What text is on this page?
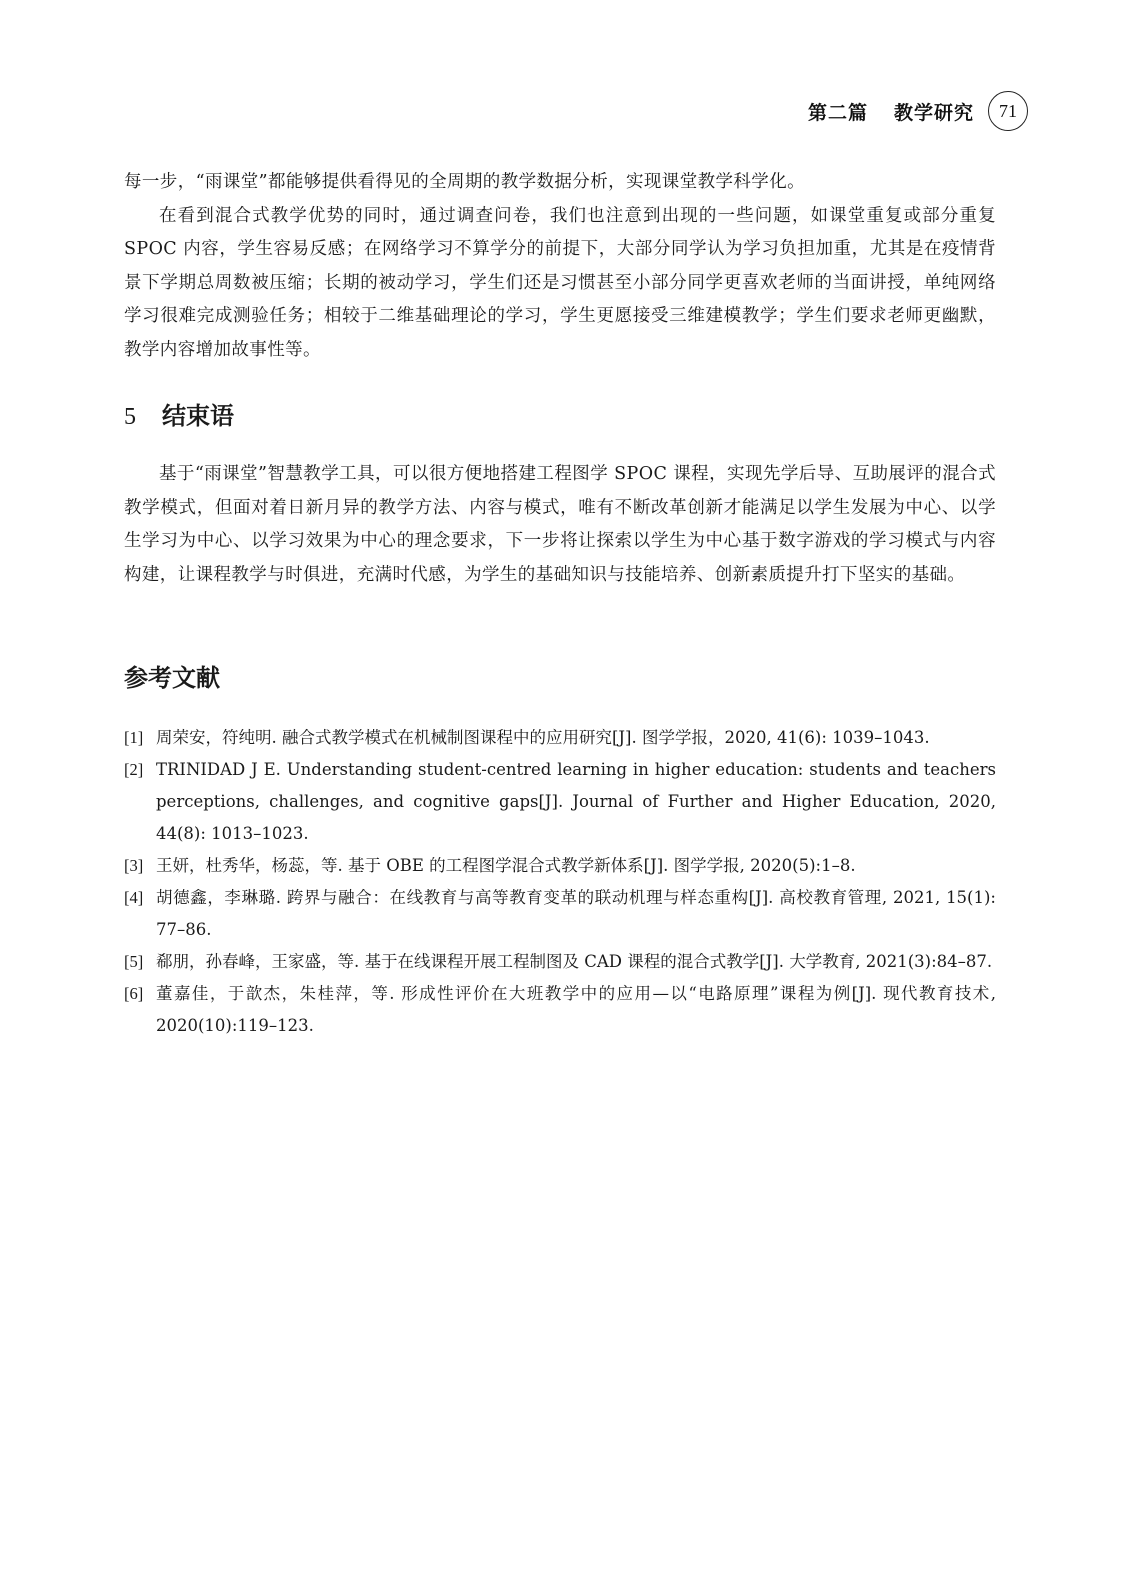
第二篇 教学研究	71

每一步，“雨课堂”都能够提供看得见的全周期的教学数据分析，实现课堂教学科学化。

在看到混合式教学优势的同时，通过调查问卷，我们也注意到出现的一些问题，如课堂重复或部分重复 SPOC 内容，学生容易反感；在网络学习不算学分的前提下，大部分同学认为学习负担加重，尤其是在疫情背景下学期总周数被压缩；长期的被动学习，学生们还是习惯甚至小部分同学更喜欢老师的当面讲授，单纯网络学习很难完成测验任务；相较于二维基础理论的学习，学生更愿接受三维建模教学；学生们要求老师更幽默，教学内容增加故事性等。

5 结束语

基于“雨课堂”智慧教学工具，可以很方便地搭建工程图学 SPOC 课程，实现先学后导、互助展评的混合式教学模式，但面对着日新月异的教学方法、内容与模式，唯有不断改革创新才能满足以学生发展为中心、以学生学习为中心、以学习效果为中心的理念要求，下一步将让探索以学生为中心基于数字游戏的学习模式与内容构建，让课程教学与时俱进，充满时代感，为学生的基础知识与技能培养、创新素质提升打下坚实的基础。

参考文献
[1] 周荣安，符纯明. 融合式教学模式在机械制图课程中的应用研究[J]. 图学学报，2020, 41(6): 1039–1043.
[2] TRINIDAD J E. Understanding student-centred learning in higher education: students and teachers perceptions, challenges, and cognitive gaps[J]. Journal of Further and Higher Education, 2020, 44(8): 1013–1023.
[3] 王妍，杜秀华，杨蕊，等. 基于 OBE 的工程图学混合式教学新体系[J]. 图学学报, 2020(5):1–8.
[4] 胡德鑫，李琳璐. 跨界与融合：在线教育与高等教育变革的联动机理与样态重构[J]. 高校教育管理, 2021, 15(1): 77–86.
[5] 郗朋，孙春峰，王家盛，等. 基于在线课程开展工程制图及 CAD 课程的混合式教学[J]. 大学教育, 2021(3):84–87.
[6] 董嘉佳，于歆杰，朱桂萍，等. 形成性评价在大班教学中的应用—以“电路原理”课程为例[J]. 现代教育技术, 2020(10):119–123.
